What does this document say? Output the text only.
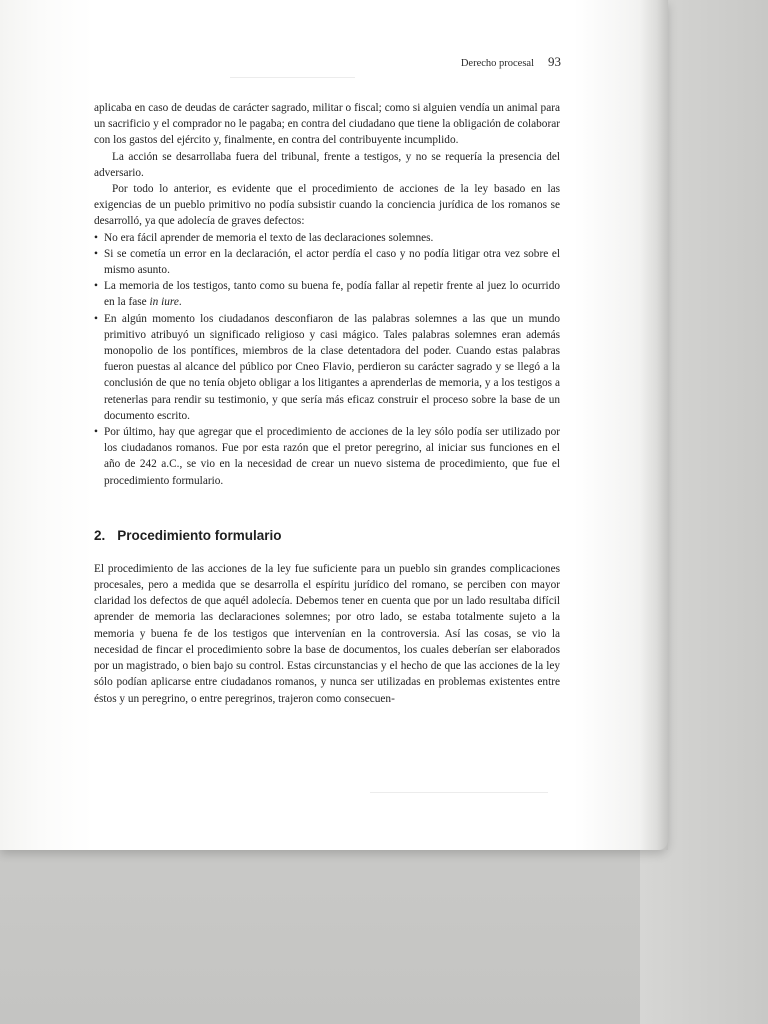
Derecho procesal 93

aplicaba en caso de deudas de carácter sagrado, militar o fiscal; como si alguien vendía un animal para un sacrificio y el comprador no le pagaba; en contra del ciudadano que tiene la obligación de colaborar con los gastos del ejército y, finalmente, en contra del contribuyente incumplido.

La acción se desarrollaba fuera del tribunal, frente a testigos, y no se requería la presencia del adversario.

Por todo lo anterior, es evidente que el procedimiento de acciones de la ley basado en las exigencias de un pueblo primitivo no podía subsistir cuando la conciencia jurídica de los romanos se desarrolló, ya que adolecía de graves defectos:

• No era fácil aprender de memoria el texto de las declaraciones solemnes.
• Si se cometía un error en la declaración, el actor perdía el caso y no podía litigar otra vez sobre el mismo asunto.
• La memoria de los testigos, tanto como su buena fe, podía fallar al repetir frente al juez lo ocurrido en la fase in iure.
• En algún momento los ciudadanos desconfiaron de las palabras solemnes a las que un mundo primitivo atribuyó un significado religioso y casi mágico. Tales palabras solemnes eran además monopolio de los pontífices, miembros de la clase detentadora del poder. Cuando estas palabras fueron puestas al alcance del público por Cneo Flavio, perdieron su carácter sagrado y se llegó a la conclusión de que no tenía objeto obligar a los litigantes a aprenderlas de memoria, y a los testigos a retenerlas para rendir su testimonio, y que sería más eficaz construir el proceso sobre la base de un documento escrito.
• Por último, hay que agregar que el procedimiento de acciones de la ley sólo podía ser utilizado por los ciudadanos romanos. Fue por esta razón que el pretor peregrino, al iniciar sus funciones en el año de 242 a.C., se vio en la necesidad de crear un nuevo sistema de procedimiento, que fue el procedimiento formulario.
2. Procedimiento formulario

El procedimiento de las acciones de la ley fue suficiente para un pueblo sin grandes complicaciones procesales, pero a medida que se desarrolla el espíritu jurídico del romano, se perciben con mayor claridad los defectos de que aquél adolecía. Debemos tener en cuenta que por un lado resultaba difícil aprender de memoria las declaraciones solemnes; por otro lado, se estaba totalmente sujeto a la memoria y buena fe de los testigos que intervenían en la controversia. Así las cosas, se vio la necesidad de fincar el procedimiento sobre la base de documentos, los cuales deberían ser elaborados por un magistrado, o bien bajo su control. Estas circunstancias y el hecho de que las acciones de la ley sólo podían aplicarse entre ciudadanos romanos, y nunca ser utilizadas en problemas existentes entre éstos y un peregrino, o entre peregrinos, trajeron como consecuen-
